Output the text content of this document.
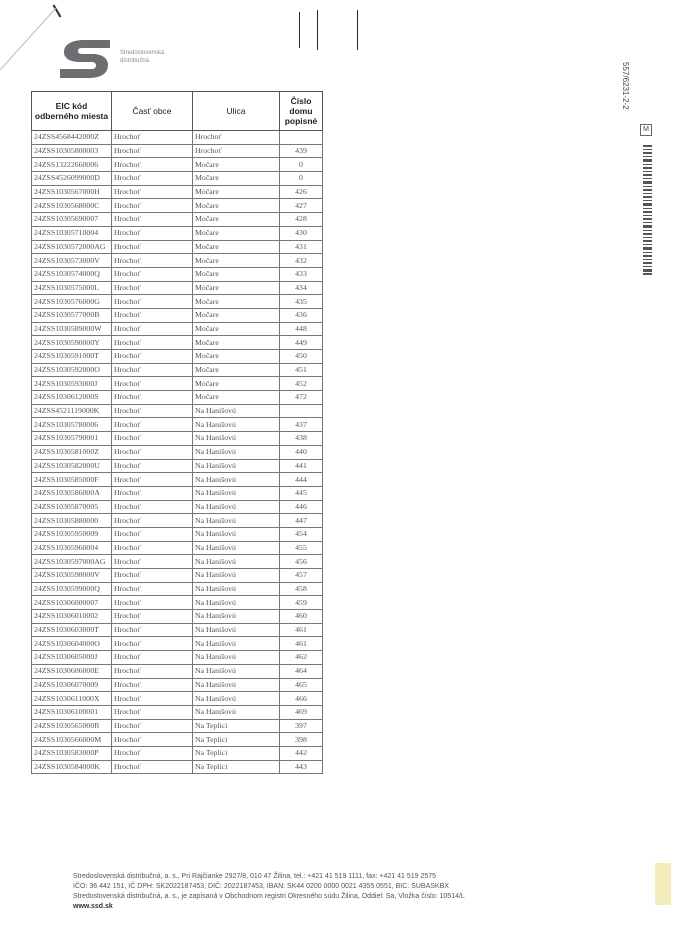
Stredoslovenská
distribučná
EIC kód odberného miesta	Časť obce	Ulica	Číslo domu popisné
24ZSS4568442000Z	Hrochoť	Hrochoť	
24ZSS10305800003	Hrochoť	Hrochoť	439
24ZSS13222660006	Hrochoť	Močare	0
24ZSS4526099000D	Hrochoť	Močare	0
24ZSS1030567000H	Hrochoť	Močare	426
24ZSS1030568000C	Hrochoť	Močare	427
24ZSS10305690007	Hrochoť	Močare	428
24ZSS10305710004	Hrochoť	Močare	430
24ZSS1030572000AG	Hrochoť	Močare	431
24ZSS1030573000V	Hrochoť	Močare	432
24ZSS1030574000Q	Hrochoť	Močare	433
24ZSS1030575000L	Hrochoť	Močare	434
24ZSS1030576000G	Hrochoť	Močare	435
24ZSS1030577000B	Hrochoť	Močare	436
24ZSS1030589000W	Hrochoť	Močare	448
24ZSS1030590000Y	Hrochoť	Močare	449
24ZSS1030591000T	Hrochoť	Močare	450
24ZSS1030592000O	Hrochoť	Močare	451
24ZSS1030593000J	Hrochoť	Močare	452
24ZSS1030612000S	Hrochoť	Močare	472
24ZSS4521119000K	Hrochoť	Na Hanišovú	
24ZSS10305780006	Hrochoť	Na Hanišovú	437
24ZSS10305790001	Hrochoť	Na Hanišovú	438
24ZSS1030581000Z	Hrochoť	Na Hanišovú	440
24ZSS1030582000U	Hrochoť	Na Hanišovú	441
24ZSS1030585000F	Hrochoť	Na Hanišovú	444
24ZSS1030586000A	Hrochoť	Na Hanišovú	445
24ZSS10305870005	Hrochoť	Na Hanišovú	446
24ZSS10305880000	Hrochoť	Na Hanišovú	447
24ZSS10305950009	Hrochoť	Na Hanišovú	454
24ZSS10305960004	Hrochoť	Na Hanišovú	455
24ZSS1030597000AG	Hrochoť	Na Hanišovú	456
24ZSS1030598000V	Hrochoť	Na Hanišovú	457
24ZSS1030599000Q	Hrochoť	Na Hanišovú	458
24ZSS10306000007	Hrochoť	Na Hanišovú	459
24ZSS10306010002	Hrochoť	Na Hanišovú	460
24ZSS1030603000T	Hrochoť	Na Hanišovú	461
24ZSS1030604000O	Hrochoť	Na Hanišovú	461
24ZSS1030605000J	Hrochoť	Na Hanišovú	462
24ZSS1030606000E	Hrochoť	Na Hanišovú	464
24ZSS10306070009	Hrochoť	Na Hanišovú	465
24ZSS1030611000X	Hrochoť	Na Hanišovú	466
24ZSS10306100001	Hrochoť	Na Hanišovú	469
24ZSS1030565000R	Hrochoť	Na Teplici	397
24ZSS1030566000M	Hrochoť	Na Teplici	398
24ZSS1030583000P	Hrochoť	Na Teplici	442
24ZSS1030584000K	Hrochoť	Na Teplici	443
557/6231-2-2
M
Stredoslovenská distribučná, a. s., Pri Rajčianke 2927/8, 010 47 Žilina, tel.: +421 41 519 1111, fax: +421 41 519 2575
IČO: 36 442 151, IČ DPH: SK2022187453, DIČ: 2022187453, IBAN: SK44 0200 0000 0021 4355 0551, BIC: SUBASKBX
Stredoslovenská distribučná, a. s., je zapísaná v Obchodnom registri Okresného súdu Žilina, Oddiel: Sa, Vložka číslo: 10514/L
www.ssd.sk
